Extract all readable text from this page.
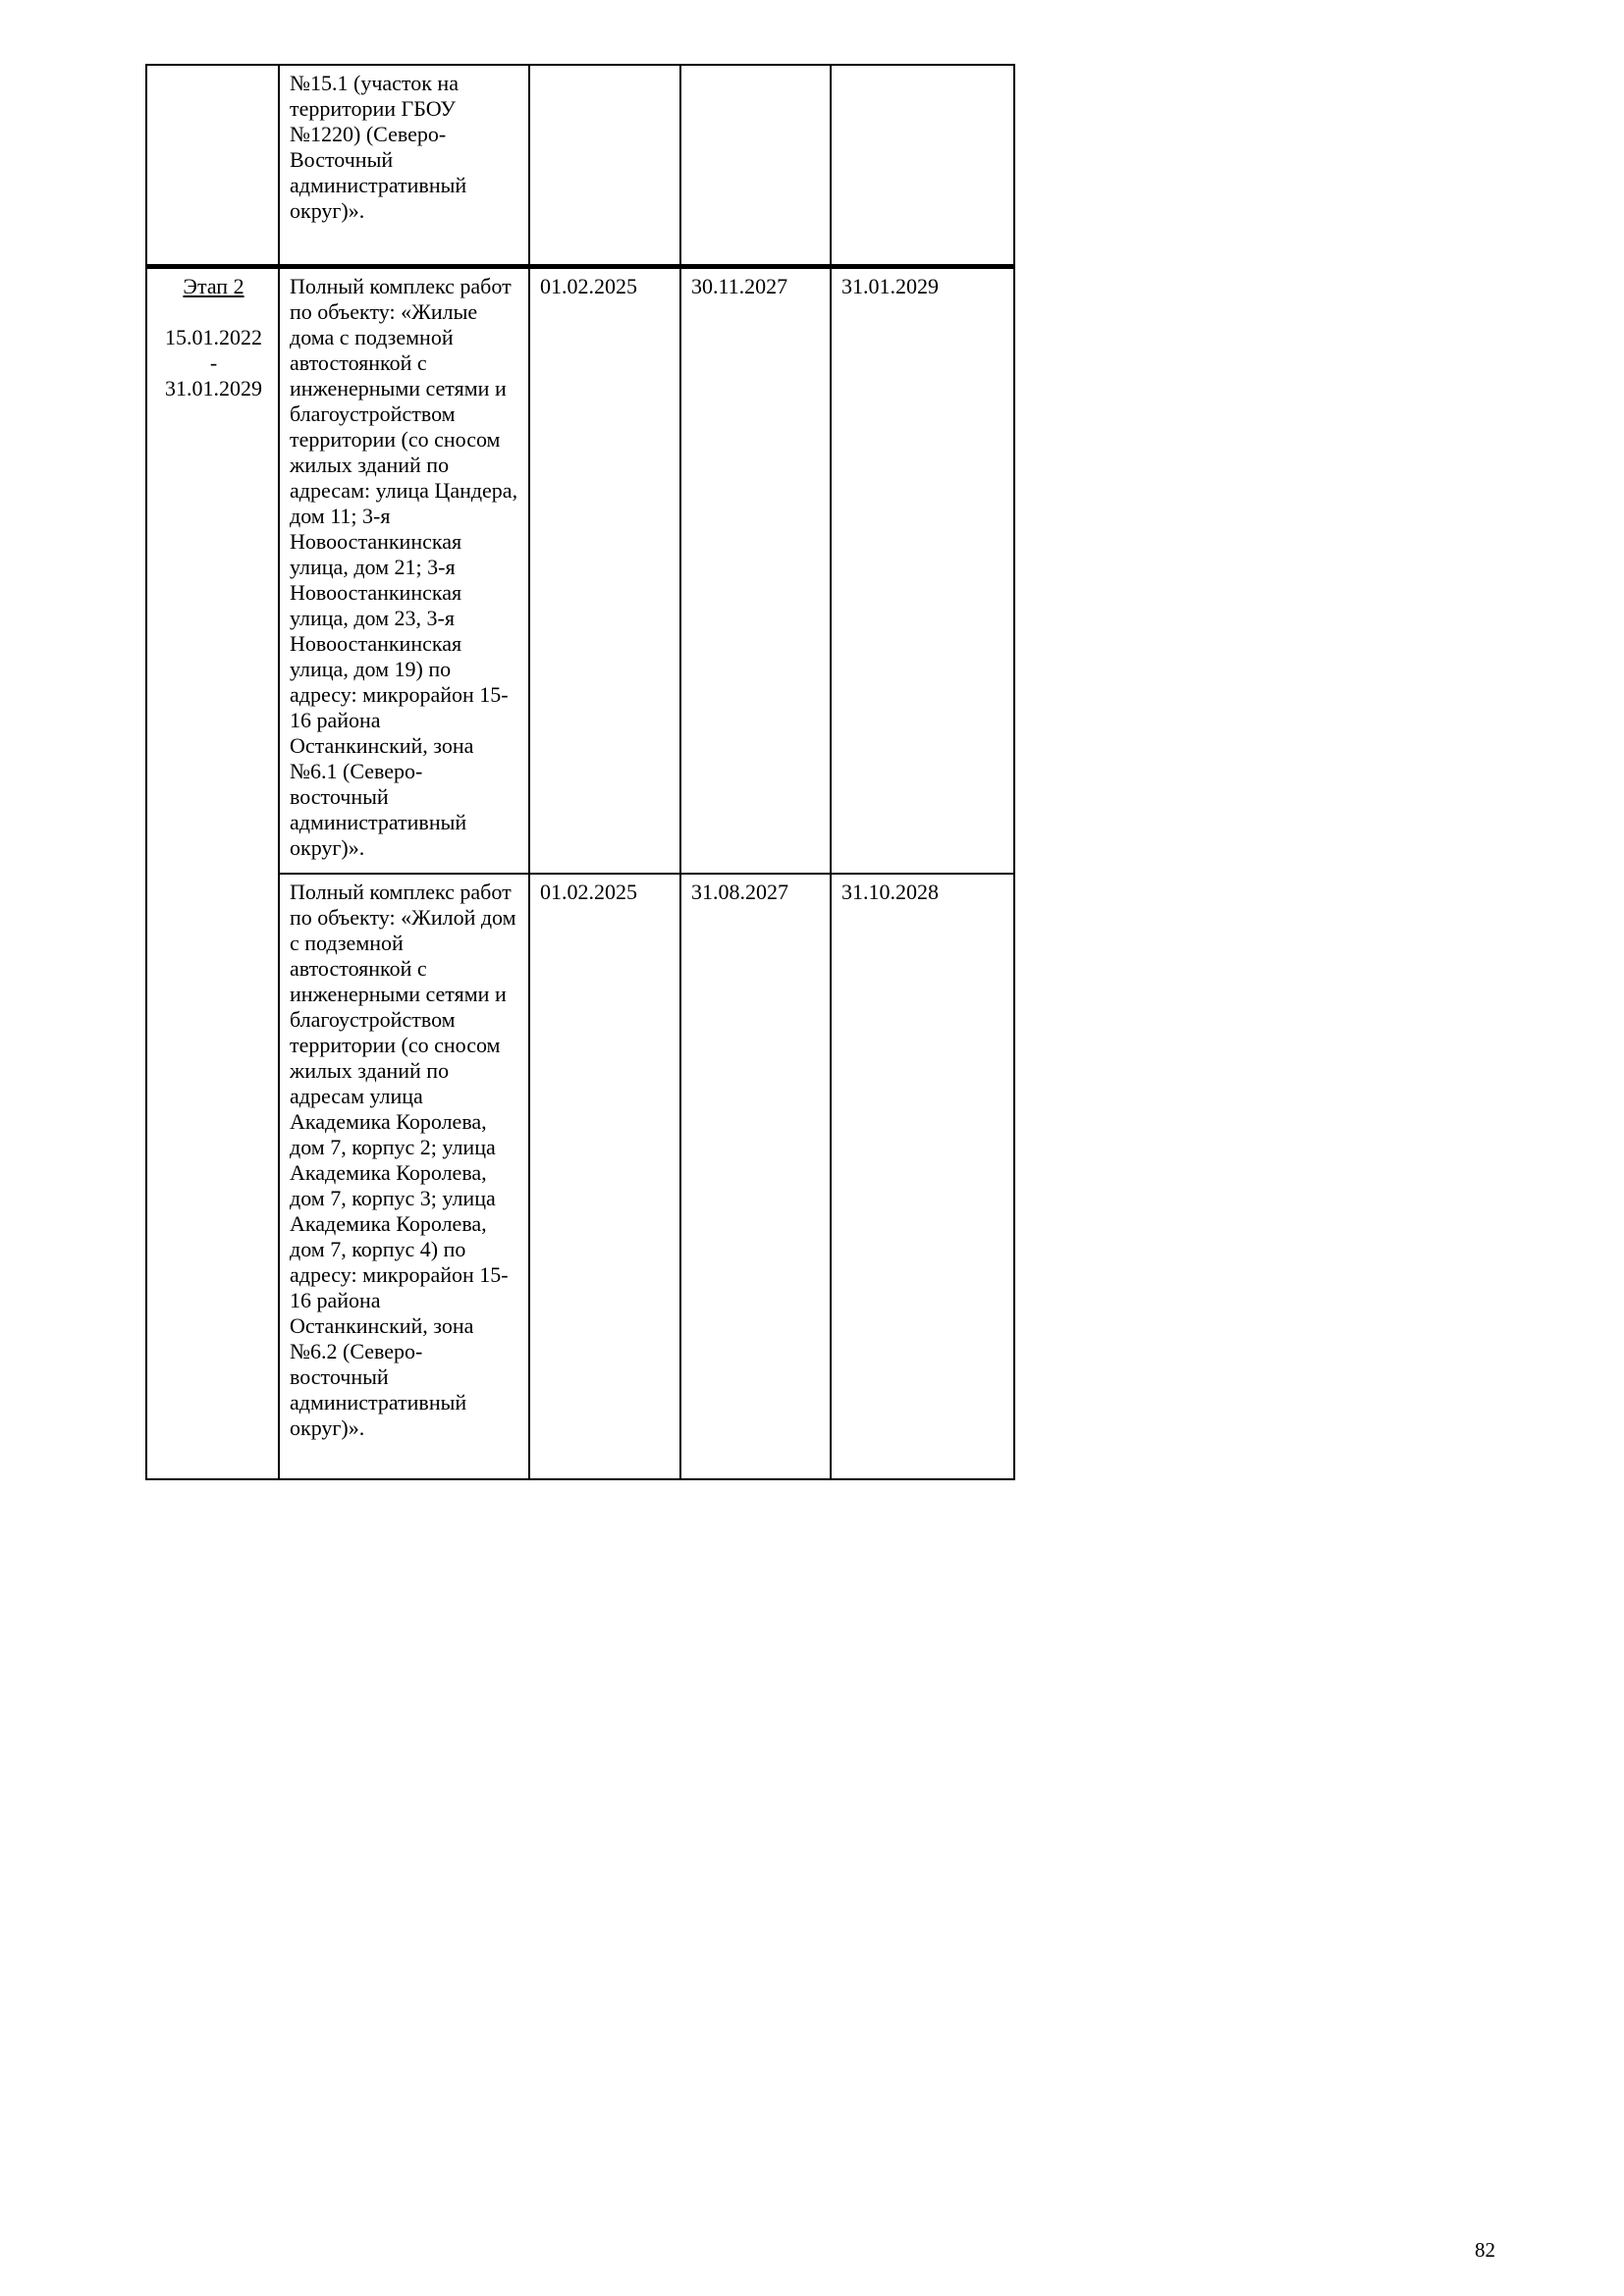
	№15.1 (участок на территории ГБОУ №1220) (Северо-Восточный административный округ)».			

Этап 2
15.01.2022
-
31.01.2029
	Полный комплекс работ по объекту: «Жилые дома с подземной автостоянкой с инженерными сетями и благоустройством территории (со сносом жилых зданий по адресам: улица Цандера, дом 11; 3-я Новоостанкинская улица, дом 21; 3-я Новоостанкинская улица, дом 23, 3-я Новоостанкинская улица, дом 19) по адресу: микрорайон 15-16 района Останкинский, зона №6.1 (Северо-восточный административный округ)».	01.02.2025	30.11.2027	31.01.2029
	Полный комплекс работ по объекту: «Жилой дом с подземной автостоянкой с инженерными сетями и благоустройством территории (со сносом жилых зданий по адресам улица Академика Королева, дом 7, корпус 2; улица Академика Королева, дом 7, корпус 3; улица Академика Королева, дом 7, корпус 4) по адресу: микрорайон 15-16 района Останкинский, зона №6.2 (Северо-восточный административный округ)».	01.02.2025	31.08.2027	31.10.2028
82
